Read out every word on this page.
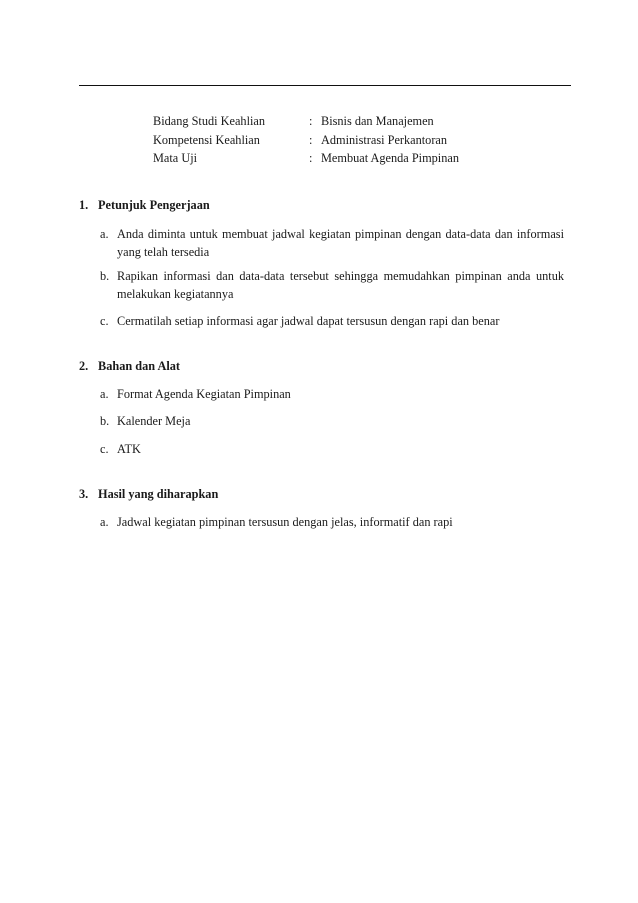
Bidang Studi Keahlian	: Bisnis dan Manajemen
Kompetensi Keahlian	: Administrasi Perkantoran
Mata Uji	: Membuat Agenda Pimpinan
1. Petunjuk Pengerjaan
a. Anda diminta untuk membuat jadwal kegiatan pimpinan dengan data-data dan informasi yang telah tersedia
b. Rapikan informasi dan data-data tersebut sehingga memudahkan pimpinan anda untuk melakukan kegiatannya
c. Cermatilah setiap informasi agar jadwal dapat tersusun dengan rapi dan benar
2. Bahan dan Alat
a. Format Agenda Kegiatan Pimpinan
b. Kalender Meja
c. ATK
3. Hasil yang diharapkan
a. Jadwal kegiatan pimpinan tersusun dengan jelas, informatif dan rapi
